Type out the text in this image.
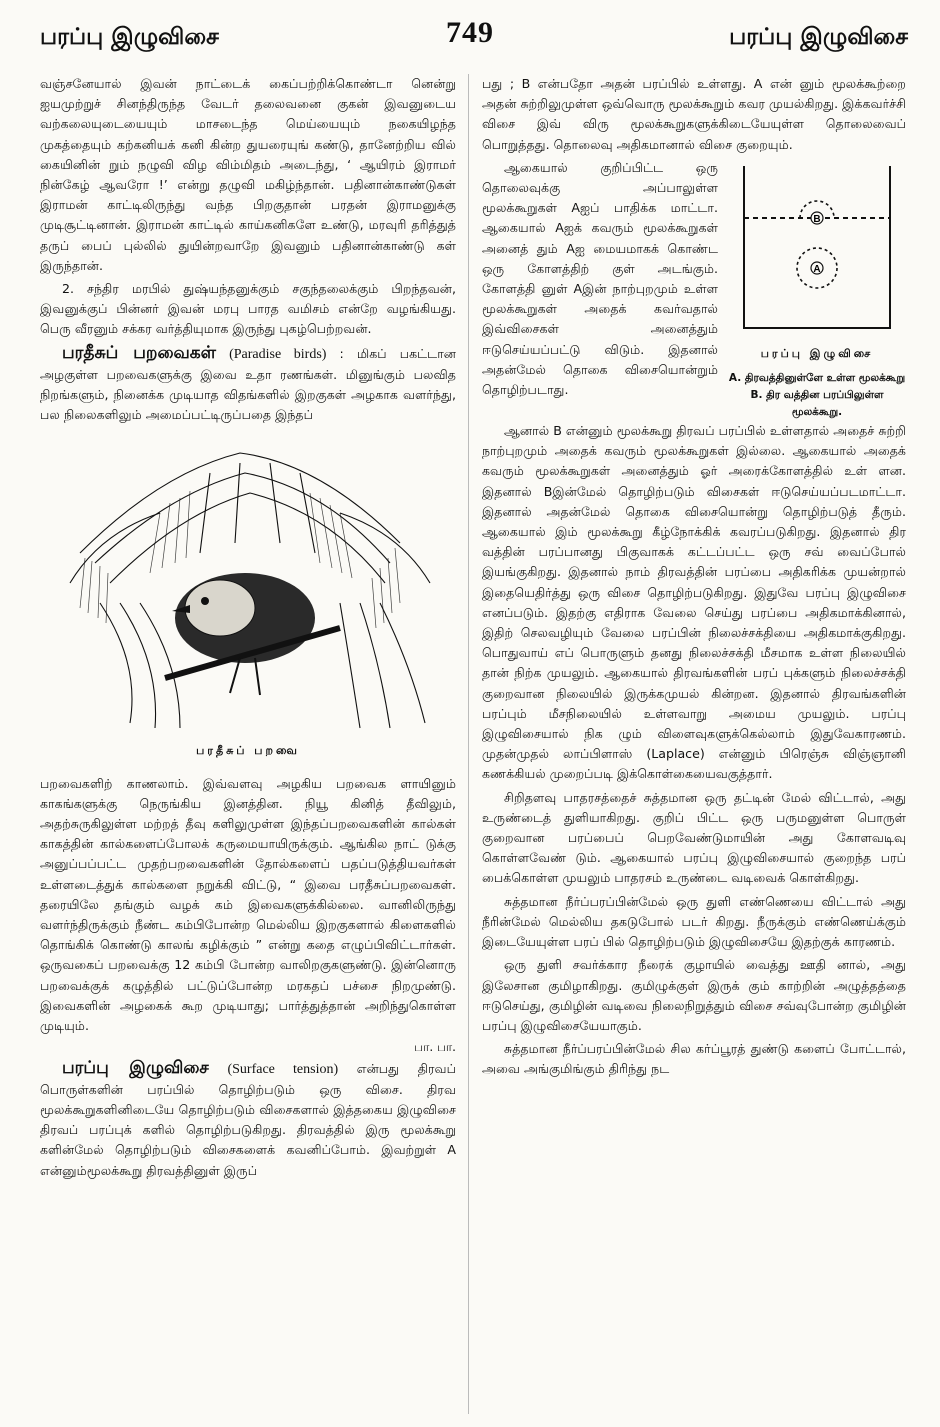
பரப்பு இழுவிசை	749	பரப்பு இழுவிசை

வஞ்சனேயால் இவன் நாட்டைக் கைப்பற்றிக்கொண்டா னென்று ஐயமுற்றுச் சினந்திருந்த வேடர் தலைவனை குகன் இவனுடைய வற்கலையுடையையும் மாசடைந்த மெய்யையும் நகையிழந்த முகத்தையும் கற்கனியக் கனி கின்ற துயரையுங் கண்டு, தானேற்றிய வில் கையினின் றும் நழுவி விழ விம்மிதம் அடைந்து, ‘ ஆயிரம் இராமர் நின்கேழ் ஆவரோ !’ என்று தழுவி மகிழ்ந்தான். பதினான்காண்டுகள் இராமன் காட்டிலிருந்து வந்த பிறகுதான் பரதன் இராமனுக்கு முடிசூட்டினான். இராமன் காட்டில் காய்கனிகளே உண்டு, மரவுரி தரித்துத் தருப் பைப் புல்லில் துயின்றவாறே இவனும் பதினான்காண்டு கள் இருந்தான்.

2. சந்திர மரபில் துஷ்யந்தனுக்கும் சகுந்தலைக்கும் பிறந்தவன், இவனுக்குப் பின்னர் இவன் மரபு பாரத வமிசம் என்றே வழங்கியது. பெரு வீரனும் சக்கர வர்த்தியுமாக இருந்து புகழ்பெற்றவன்.

பரதீசுப் பறவைகள் (Paradise birds) : மிகப் பகட்டான அழகுள்ள பறவைகளுக்கு இவை உதா ரணங்கள். மினுங்கும் பலவித நிறங்களும், நினைக்க முடியாத விதங்களில் இறகுகள் அழகாக வளர்ந்து, பல நிலைகளிலும் அமைப்பட்டிருப்பதை இந்தப்

பரதீசுப் பறவை

பறவைகளிற் காணலாம். இவ்வளவு அழகிய பறவைக ளாயினும் காகங்களுக்கு நெருங்கிய இனத்தின. நியூ கினித் தீவிலும், அதற்சுருகிலுள்ள மற்றத் தீவு களிலுமுள்ள இந்தப்பறவைகளின் கால்கள் காகத்தின் கால்களைப்போலக் கருமையாயிருக்கும். ஆங்கில நாட் டுக்கு அனுப்பப்பட்ட முதற்பறவைகளின் தோல்களைப் பதப்படுத்தியவர்கள் உள்ளடைத்துக் கால்களை நறுக்கி விட்டு, “ இவை பரதீசுப்பறவைகள். தரையிலே தங்கும் வழக் கம் இவைகளுக்கில்லை. வானிலிருந்து வளர்ந்திருக்கும் நீண்ட கம்பிபோன்ற மெல்லிய இறகுகளால் கிளைகளில் தொங்கிக் கொண்டு காலங் கழிக்கும் ” என்று கதை எழுப்பிவிட்டார்கள். ஒருவகைப் பறவைக்கு 12 கம்பி போன்ற வாலிறகுகளுண்டு. இன்னொரு பறவைக்குக் கழுத்தில் பட்டுப்போன்ற மரகதப் பச்சை நிறமுண்டு. இவைகளின் அழகைக் கூற முடியாது; பார்த்துத்தான் அறிந்துகொள்ள முடியும்.

பா. பா.

பரப்பு இழுவிசை (Surface tension) என்பது திரவப் பொருள்களின் பரப்பில் தொழிற்படும் ஒரு விசை. திரவ மூலக்கூறுகளினிடையே தொழிற்படும் விசைகளால் இத்தகைய இழுவிசை திரவப் பரப்புக் களில் தொழிற்படுகிறது. திரவத்தில் இரு மூலக்கூறு களின்மேல் தொழிற்படும் விசைகளைக் கவனிப்போம். இவற்றுள் A என்னும்மூலக்கூறு திரவத்தினுள் இருப்

பது ; B என்பதோ அதன் பரப்பில் உள்ளது. A என் னும் மூலக்கூற்றை அதன் சுற்றிலுமுள்ள ஒவ்வொரு மூலக்கூறும் கவர முயல்கிறது. இக்கவர்ச்சி விசை இவ் விரு மூலக்கூறுகளுக்கிடையேயுள்ள தொலைவைப் பொறுத்தது. தொலைவு அதிகமானால் விசை குறையும்.

ஆகையால் குறிப்பிட்ட ஒரு தொலைவுக்கு அப்பாலுள்ள மூலக்கூறுகள் Aஐப் பாதிக்க மாட்டா. ஆகையால் Aஐக் கவரும் மூலக்கூறுகள் அனைத் தும் Aஐ மையமாகக் கொண்ட ஒரு கோளத்திற் குள் அடங்கும். கோளத்தி னுள் Aஇன் நாற்புறமும் உள்ள மூலக்கூறுகள் அதைக் கவர்வதால் இவ்விசைகள் அனைத்தும் ஈடுசெய்யப்பட்டு விடும். இதனால் அதன்மேல் தொகை விசையொன்றும் தொழிற்படாது.

B
A
பரப்பு இழுவிசை
A. திரவத்தினுள்ளே உள்ள மூலக்கூறு B. திர வத்தின பரப்பிலுள்ள மூலக்கூறு.

ஆனால் B என்னும் மூலக்கூறு திரவப் பரப்பில் உள்ளதால் அதைச் சுற்றி நாற்புறமும் அதைக் கவரும் மூலக்கூறுகள் இல்லை. ஆகையால் அதைக் கவரும் மூலக்கூறுகள் அனைத்தும் ஓர் அரைக்கோளத்தில் உள் ளன. இதனால் Bஇன்மேல் தொழிற்படும் விசைகள் ஈடுசெய்யப்படமாட்டா. இதனால் அதன்மேல் தொகை விசையொன்று தொழிற்படுத் தீரும். ஆகையால் இம் மூலக்கூறு கீழ்நோக்கிக் கவரப்படுகிறது. இதனால் திர வத்தின் பரப்பானது பிகுவாகக் கட்டப்பட்ட ஒரு சவ் வைப்போல் இயங்குகிறது. இதனால் நாம் திரவத்தின் பரப்பை அதிகரிக்க முயன்றால் இதையெதிர்த்து ஒரு விசை தொழிற்படுகிறது. இதுவே பரப்பு இழுவிசை எனப்படும். இதற்கு எதிராக வேலை செய்து பரப்பை அதிகமாக்கினால், இதிற் செலவழியும் வேலை பரப்பின் நிலைச்சக்தியை அதிகமாக்குகிறது. பொதுவாய் எப் பொருளும் தனது நிலைச்சக்தி மீசமாக உள்ள நிலையில் தான் நிற்க முயலும். ஆகையால் திரவங்களின் பரப் புக்களும் நிலைச்சக்தி குறைவான நிலையில் இருக்கமுயல் கின்றன. இதனால் திரவங்களின் பரப்பும் மீசநிலையில் உள்ளவாறு அமைய முயலும். பரப்பு இழுவிசையால் நிக ழும் விளைவுகளுக்கெல்லாம் இதுவேகாரணம். முதன்முதல் லாப்பிளாஸ் (Laplace) என்னும் பிரெஞ்சு விஞ்ஞானி கணக்கியல் முறைப்படி இக்கொள்கையைவகுத்தார்.

சிறிதளவு பாதரசத்தைச் சுத்தமான ஒரு தட்டின் மேல் விட்டால், அது உருண்டைத் துளியாகிறது. குறிப் பிட்ட ஒரு பருமனுள்ள பொருள் குறைவான பரப்பைப் பெறவேண்டுமாயின் அது கோளவடிவு கொள்ளவேண் டும். ஆகையால் பரப்பு இழுவிசையால் குறைந்த பரப் பைக்கொள்ள முயலும் பாதரசம் உருண்டை வடிவைக் கொள்கிறது.

சுத்தமான நீர்ப்பரப்பின்மேல் ஒரு துளி எண்ணெயை விட்டால் அது நீரின்மேல் மெல்லிய தகடுபோல் படர் கிறது. நீருக்கும் எண்ணெய்க்கும் இடையேயுள்ள பரப் பில் தொழிற்படும் இழுவிசையே இதற்குக் காரணம்.

ஒரு துளி சவர்க்கார நீரைக் குழாயில் வைத்து ஊதி னால், அது இலேசான குமிழாகிறது. குமிழுக்குள் இருக் கும் காற்றின் அழுத்தத்தை ஈடுசெய்து, குமிழின் வடிவை நிலைநிறுத்தும் விசை சவ்வுபோன்ற குமிழின் பரப்பு இழுவிசையேயாகும்.

சுத்தமான நீர்ப்பரப்பின்மேல் சில கர்ப்பூரத் துண்டு களைப் போட்டால், அவை அங்குமிங்கும் திரிந்து நட
